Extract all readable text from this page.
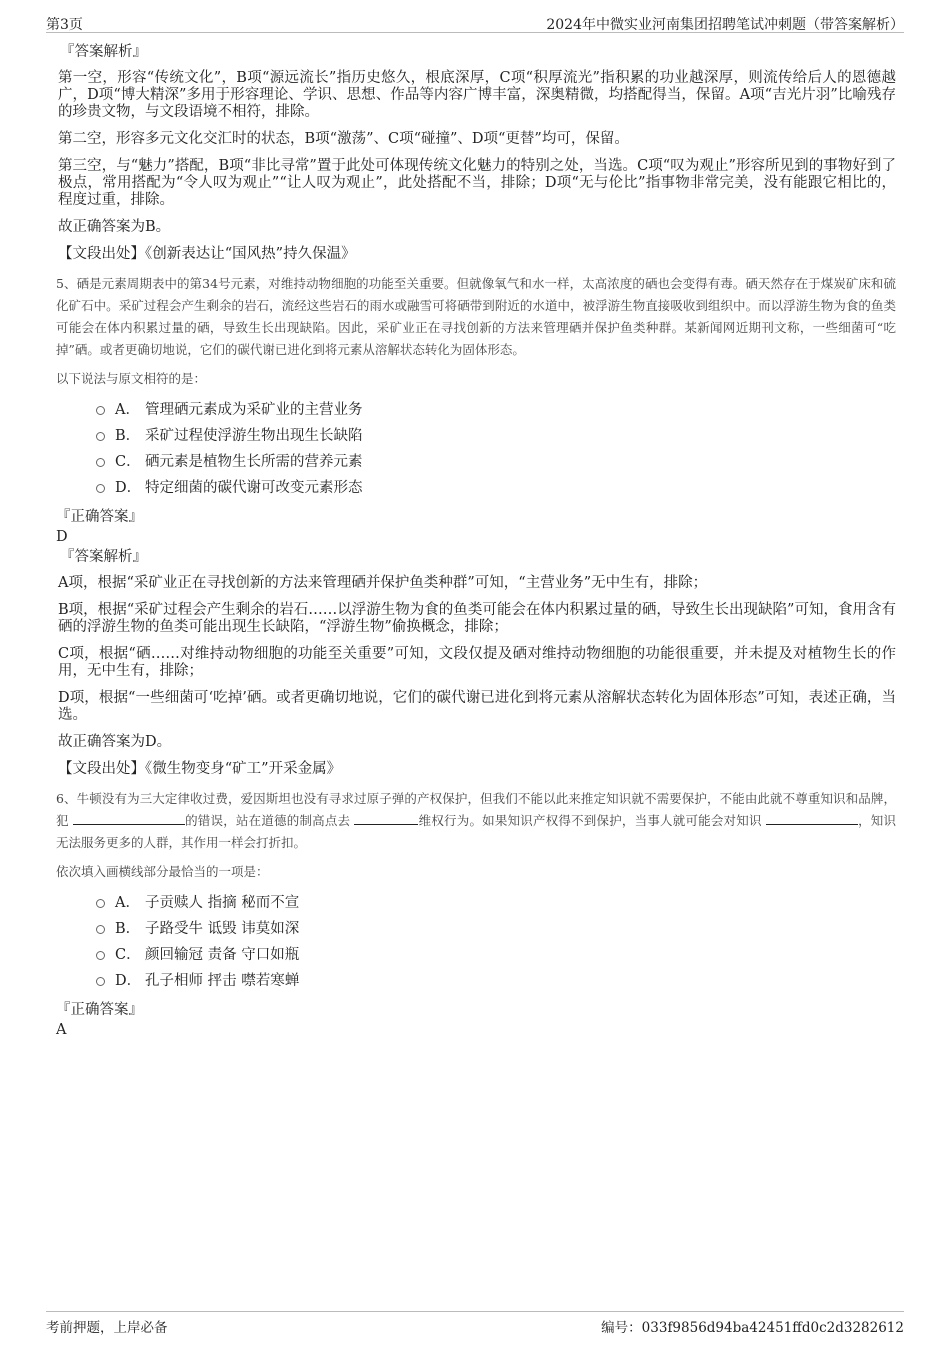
第3页	2024年中微实业河南集团招聘笔试冲刺题（带答案解析）
『答案解析』

第一空，形容“传统文化”，B项“源远流长”指历史悠久，根底深厚，C项“积厚流光”指积累的功业越深厚，则流传给后人的恩德越广，D项“博大精深”多用于形容理论、学识、思想、作品等内容广博丰富，深奥精微，均搭配得当，保留。A项“吉光片羽”比喻残存的珍贵文物，与文段语境不相符，排除。

第二空，形容多元文化交汇时的状态，B项“激荡”、C项“碰撞”、D项“更替”均可，保留。

第三空，与“魅力”搭配，B项“非比寻常”置于此处可体现传统文化魅力的特别之处，当选。C项“叹为观止”形容所见到的事物好到了极点，常用搭配为“令人叹为观止”“让人叹为观止”，此处搭配不当，排除；D项“无与伦比”指事物非常完美，没有能跟它相比的，程度过重，排除。

故正确答案为B。

【文段出处】《创新表达让“国风热”持久保温》

5、硒是元素周期表中的第34号元素，对维持动物细胞的功能至关重要。但就像氧气和水一样，太高浓度的硒也会变得有毒。硒天然存在于煤炭矿床和硫化矿石中。采矿过程会产生剩余的岩石，流经这些岩石的雨水或融雪可将硒带到附近的水道中，被浮游生物直接吸收到组织中。而以浮游生物为食的鱼类可能会在体内积累过量的硒，导致生长出现缺陷。因此，采矿业正在寻找创新的方法来管理硒并保护鱼类种群。某新闻网近期刊文称，一些细菌可“吃掉”硒。或者更确切地说，它们的碳代谢已进化到将元素从溶解状态转化为固体形态。
以下说法与原文相符的是：
A． 管理硒元素成为采矿业的主营业务
B． 采矿过程使浮游生物出现生长缺陷
C． 硒元素是植物生长所需的营养元素
D． 特定细菌的碳代谢可改变元素形态
『正确答案』
D
『答案解析』

A项，根据“采矿业正在寻找创新的方法来管理硒并保护鱼类种群”可知，“主营业务”无中生有，排除；

B项，根据“采矿过程会产生剩余的岩石……以浮游生物为食的鱼类可能会在体内积累过量的硒，导致生长出现缺陷”可知，食用含有硒的浮游生物的鱼类可能出现生长缺陷，“浮游生物”偷换概念，排除；

C项，根据“硒……对维持动物细胞的功能至关重要”可知，文段仅提及硒对维持动物细胞的功能很重要，并未提及对植物生长的作用，无中生有，排除；

D项，根据“一些细菌可‘吃掉’硒。或者更确切地说，它们的碳代谢已进化到将元素从溶解状态转化为固体形态”可知，表述正确，当选。

故正确答案为D。

【文段出处】《微生物变身“矿工”开采金属》

6、牛顿没有为三大定律收过费，爱因斯坦也没有寻求过原子弹的产权保护，但我们不能以此来推定知识就不需要保护，不能由此就不尊重知识和品牌，犯	的错误，站在道德的制高点去	维权行为。如果知识产权得不到保护，当事人就可能会对知识	，知识无法服务更多的人群，其作用一样会打折扣。
依次填入画横线部分最恰当的一项是：
A． 子贡赎人 指摘 秘而不宣
B． 子路受牛 诋毁 讳莫如深
C． 颜回输冠 责备 守口如瓶
D． 孔子相师 抨击 噤若寒蝉
『正确答案』
A
考前押题，上岸必备	编号：033f9856d94ba42451ffd0c2d3282612
